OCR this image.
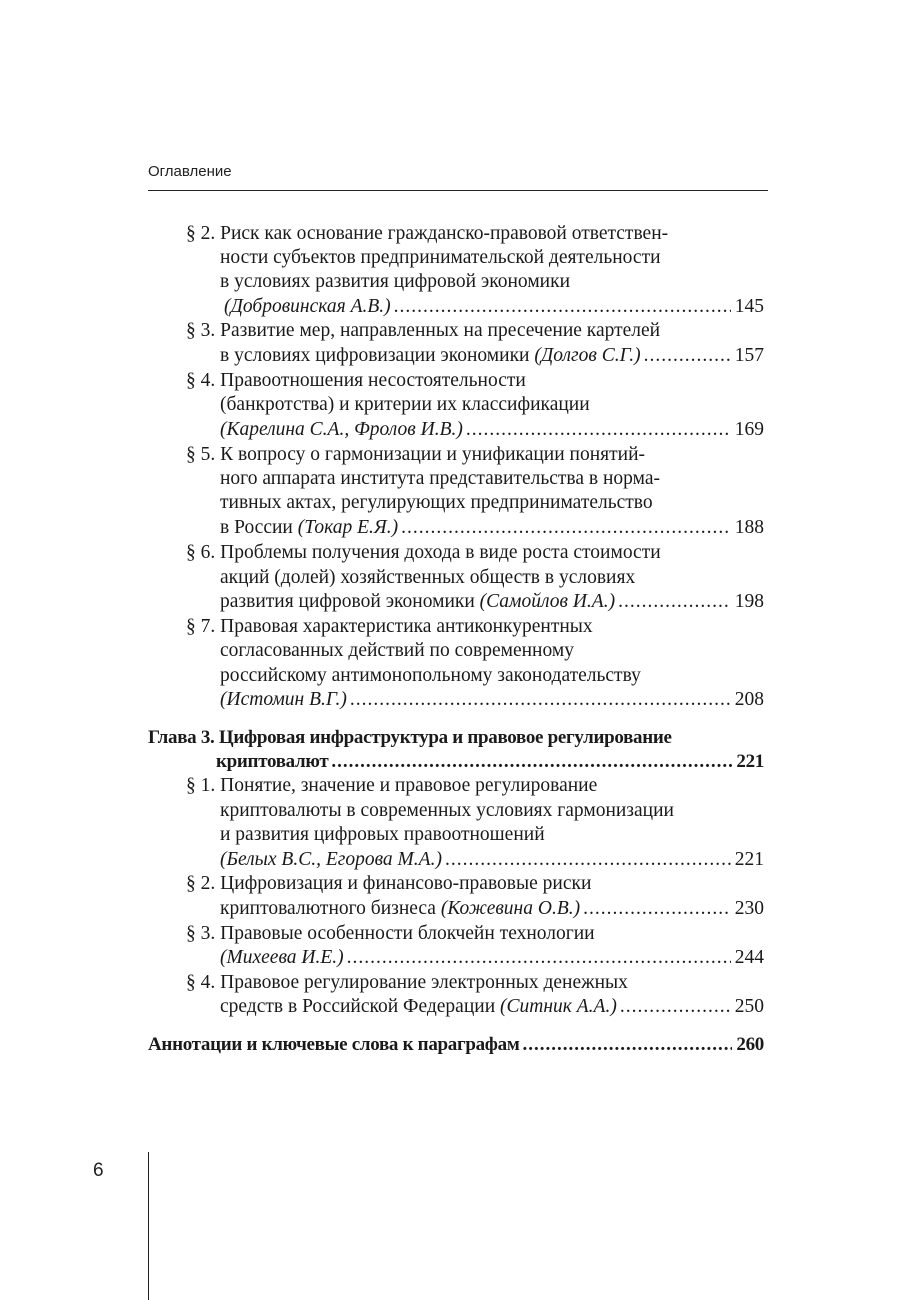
Оглавление
§ 2. Риск как основание гражданско-правовой ответствен-
ности субъектов предпринимательской деятельности
в условиях развития цифровой экономики
(Добровинская А.В.) .....	145
§ 3. Развитие мер, направленных на пресечение картелей
в условиях цифровизации экономики (Долгов С.Г.) .....	157
§ 4. Правоотношения несостоятельности
(банкротства) и критерии их классификации
(Карелина С.А., Фролов И.В.) .....	169
§ 5. К вопросу о гармонизации и унификации понятий-
ного аппарата института представительства в норма-
тивных актах, регулирующих предпринимательство
в России (Токар Е.Я.) .....	188
§ 6. Проблемы получения дохода в виде роста стоимости
акций (долей) хозяйственных обществ в условиях
развития цифровой экономики (Самойлов И.А.) .....	198
§ 7. Правовая характеристика антиконкурентных
согласованных действий по современному
российскому антимонопольному законодательству
(Истомин В.Г.) .....	208
Глава 3. Цифровая инфраструктура и правовое регулирование
криптовалют .....	221
§ 1. Понятие, значение и правовое регулирование
криптовалюты в современных условиях гармонизации
и развития цифровых правоотношений
(Белых В.С., Егорова М.А.) .....	221
§ 2. Цифровизация и финансово-правовые риски
криптовалютного бизнеса (Кожевина О.В.) .....	230
§ 3. Правовые особенности блокчейн технологии
(Михеева И.Е.) .....	244
§ 4. Правовое регулирование электронных денежных
средств в Российской Федерации (Ситник А.А.) .....	250
Аннотации и ключевые слова к параграфам .....	260
6
